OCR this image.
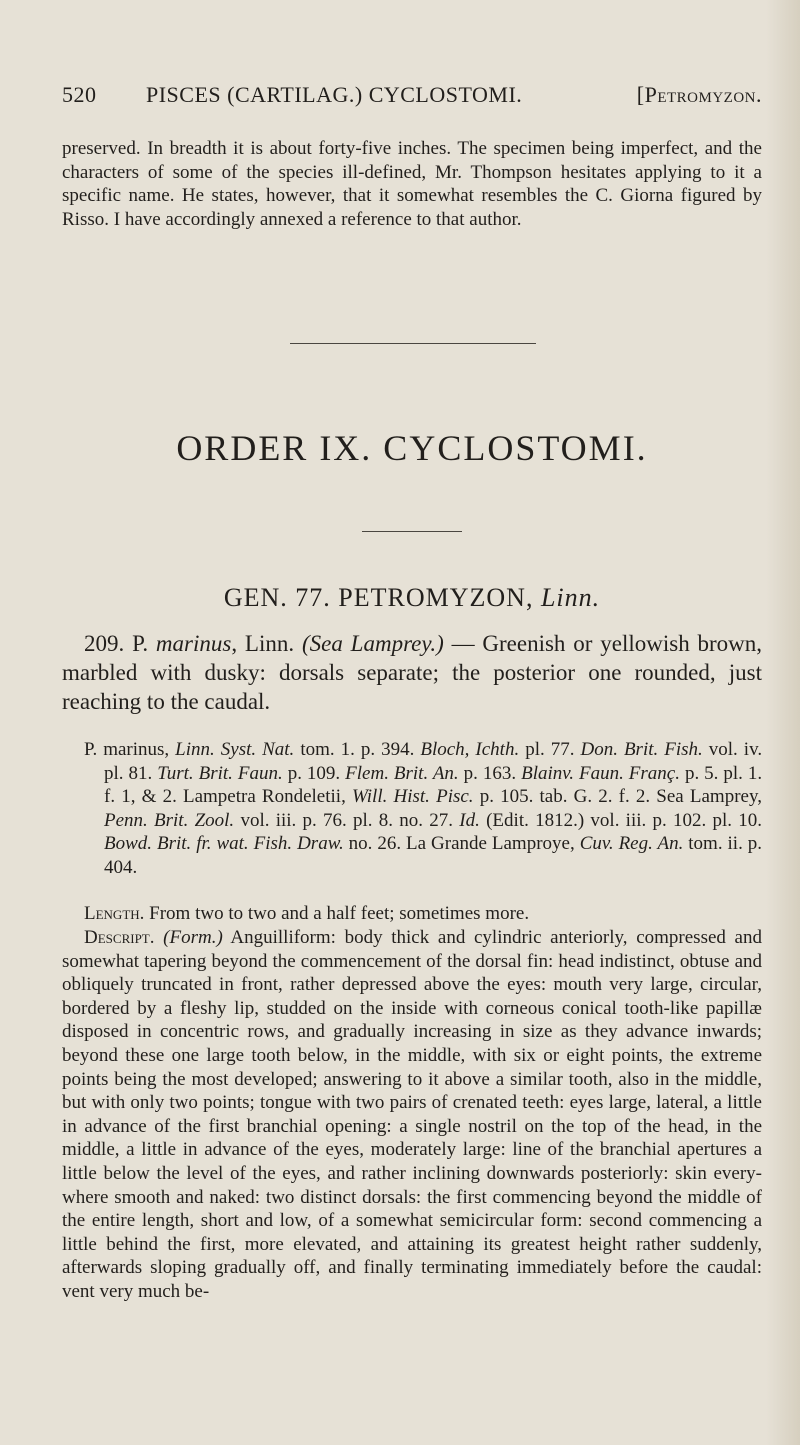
520 PISCES (CARTILAG.) CYCLOSTOMI.	[Petromyzon.
preserved. In breadth it is about forty-five inches. The specimen being imperfect, and the characters of some of the species ill-defined, Mr. Thompson hesitates applying to it a specific name. He states, however, that it somewhat resembles the C. Giorna figured by Risso. I have accordingly annexed a reference to that author.
ORDER IX. CYCLOSTOMI.
GEN. 77. PETROMYZON, Linn.
209. P. marinus, Linn. (Sea Lamprey.) — Greenish or yellowish brown, marbled with dusky: dorsals separate; the posterior one rounded, just reaching to the caudal.
P. marinus, Linn. Syst. Nat. tom. 1. p. 394. Bloch, Ichth. pl. 77. Don. Brit. Fish. vol. iv. pl. 81. Turt. Brit. Faun. p. 109. Flem. Brit. An. p. 163. Blainv. Faun. Franç. p. 5. pl. 1. f. 1, & 2. Lampetra Rondeletii, Will. Hist. Pisc. p. 105. tab. G. 2. f. 2. Sea Lamprey, Penn. Brit. Zool. vol. iii. p. 76. pl. 8. no. 27. Id. (Edit. 1812.) vol. iii. p. 102. pl. 10. Bowd. Brit. fr. wat. Fish. Draw. no. 26. La Grande Lamproye, Cuv. Reg. An. tom. ii. p. 404.
Length. From two to two and a half feet; sometimes more.
Descript. (Form.) Anguilliform: body thick and cylindric anteriorly, compressed and somewhat tapering beyond the commencement of the dorsal fin: head indistinct, obtuse and obliquely truncated in front, rather depressed above the eyes: mouth very large, circular, bordered by a fleshy lip, studded on the inside with corneous conical tooth-like papillæ disposed in concentric rows, and gradually increasing in size as they advance inwards; beyond these one large tooth below, in the middle, with six or eight points, the extreme points being the most developed; answering to it above a similar tooth, also in the middle, but with only two points; tongue with two pairs of crenated teeth: eyes large, lateral, a little in advance of the first branchial opening: a single nostril on the top of the head, in the middle, a little in advance of the eyes, moderately large: line of the branchial apertures a little below the level of the eyes, and rather inclining downwards posteriorly: skin every-where smooth and naked: two distinct dorsals: the first commencing beyond the middle of the entire length, short and low, of a somewhat semicircular form: second commencing a little behind the first, more elevated, and attaining its greatest height rather suddenly, afterwards sloping gradually off, and finally terminating immediately before the caudal: vent very much be-
